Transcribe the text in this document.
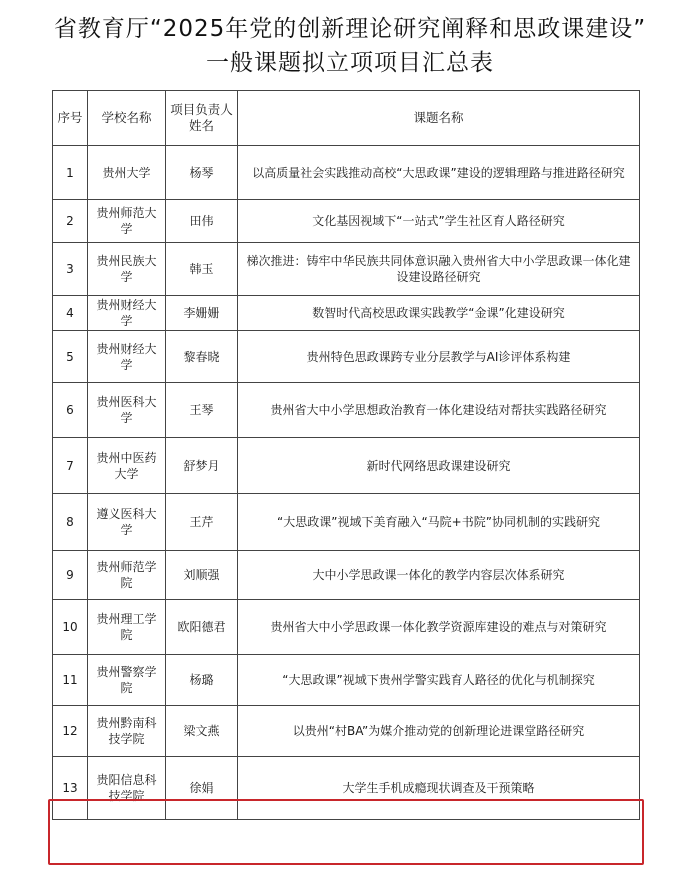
省教育厅“2025年党的创新理论研究阐释和思政课建设”
一般课题拟立项项目汇总表
序号	学校名称	项目负责人姓名	课题名称
1	贵州大学	杨琴	以高质量社会实践推动高校“大思政课”建设的逻辑理路与推进路径研究
2	贵州师范大学	田伟	文化基因视域下“一站式”学生社区育人路径研究
3	贵州民族大学	韩玉	梯次推进：铸牢中华民族共同体意识融入贵州省大中小学思政课一体化建设建设路径研究
4	贵州财经大学	李姗姗	数智时代高校思政课实践教学“金课”化建设研究
5	贵州财经大学	黎春晓	贵州特色思政课跨专业分层教学与AI诊评体系构建
6	贵州医科大学	王琴	贵州省大中小学思想政治教育一体化建设结对帮扶实践路径研究
7	贵州中医药大学	舒梦月	新时代网络思政课建设研究
8	遵义医科大学	王芹	“大思政课”视域下美育融入“马院+书院”协同机制的实践研究
9	贵州师范学院	刘顺强	大中小学思政课一体化的教学内容层次体系研究
10	贵州理工学院	欧阳德君	贵州省大中小学思政课一体化教学资源库建设的难点与对策研究
11	贵州警察学院	杨璐	“大思政课”视域下贵州学警实践育人路径的优化与机制探究
12	贵州黔南科技学院	梁文燕	以贵州“村BA”为媒介推动党的创新理论进课堂路径研究
13	贵阳信息科技学院	徐娟	大学生手机成瘾现状调查及干预策略
